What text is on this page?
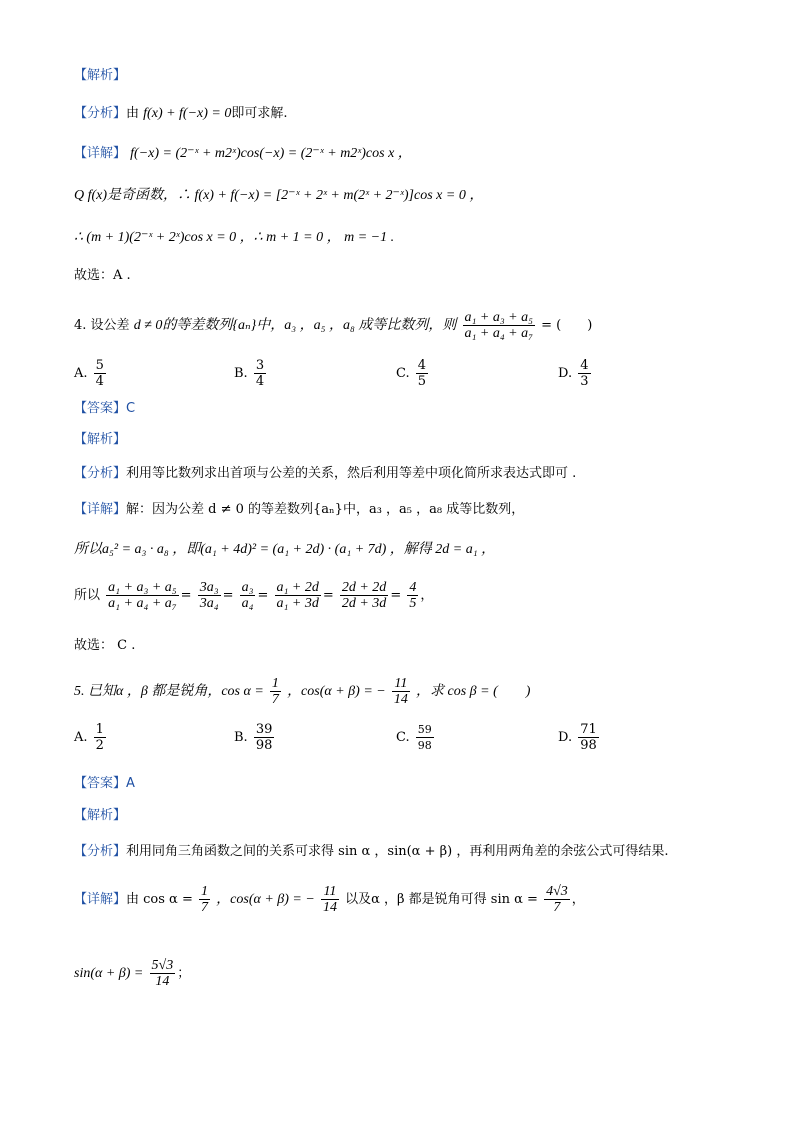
【解析】
【分析】由 f(x) + f(−x) = 0即可求解.
【详解】 f(−x) = (2⁻ˣ + m2ˣ)cos(−x) = (2⁻ˣ + m2ˣ)cos x ，
Q f(x)是奇函数，∴ f(x) + f(−x) = [2⁻ˣ + 2ˣ + m(2ˣ + 2⁻ˣ)]cos x = 0 ，
∴ (m + 1)(2⁻ˣ + 2ˣ)cos x = 0 ，∴ m + 1 = 0 ， m = −1 .
故选：A .
4. 设公差 d ≠ 0的等差数列{aₙ}中，a₃ ，a₅ ，a₈ 成等比数列，则 $\frac{\text{a₁ + a₃ + a₅}}{\text{a₁ + a₄ + a₇}}$ = (　　)
A. $\frac{5}{4}$	B. $\frac{3}{4}$	C. $\frac{4}{5}$	D. $\frac{4}{3}$
【答案】C
【解析】
【分析】利用等比数列求出首项与公差的关系，然后利用等差中项化简所求表达式即可 .
【详解】解：因为公差 d ≠ 0 的等差数列{aₙ}中，a₃ ，a₅ ，a₈ 成等比数列，
所以a₅² = a₃ · a₈ ，即(a₁ + 4d)² = (a₁ + 2d) · (a₁ + 7d) ，解得 2d = a₁ ，
所以 $\frac{\text{a₁ + a₃ + a₅}}{\text{a₁ + a₄ + a₇}} = \frac{\text{3a₃}}{\text{3a₄}} = \frac{\text{a₃}}{\text{a₄}} = \frac{\text{a₁ + 2d}}{\text{a₁ + 3d}} = \frac{2d + 2d}{2d + 3d} = \frac{4}{5}$ ，
故选： C .
5. 已知α ，β 都是锐角，$\cos \alpha = \frac{1}{7}$ ，cos(α + β) = − $\frac{11}{14}$ ，求 cos β = (　　)
A. $\frac{1}{2}$	B. $\frac{39}{98}$	C. $\frac{59}{98}$	D. $\frac{71}{98}$
【答案】A
【解析】
【分析】利用同角三角函数之间的关系可求得 sin α ，sin(α + β) ，再利用两角差的余弦公式可得结果.
【详解】由 $\cos \alpha = \frac{1}{7}$ ，cos(α + β) = − $\frac{11}{14}$ 以及α ，β 都是锐角可得 $\sin \alpha = \frac{4√3}{7}$ ，
$\sin(\alpha + \beta) = \frac{5√3}{14}$ ；
